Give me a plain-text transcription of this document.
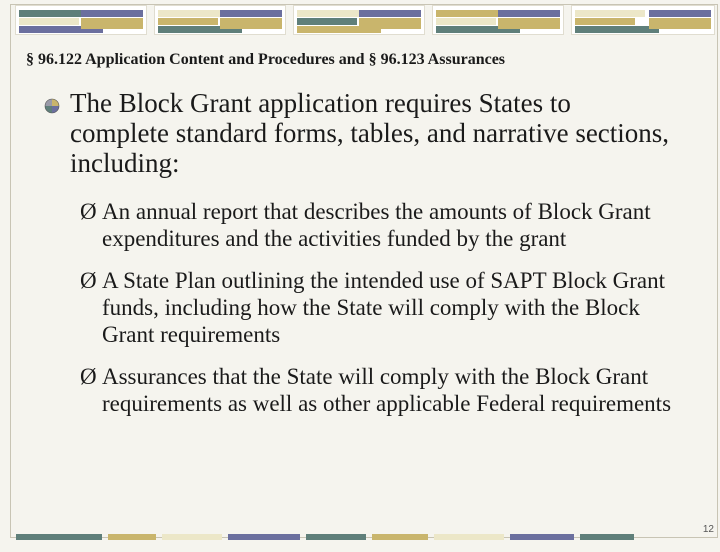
§ 96.122 Application Content and Procedures and § 96.123 Assurances
The Block Grant application requires States to complete standard forms, tables, and narrative sections, including:
Ø An annual report that describes the amounts of Block Grant expenditures and the activities funded by the grant
Ø A State Plan outlining the intended use of SAPT Block Grant funds, including how the State will comply with the Block Grant requirements
Ø Assurances that the State will comply with the Block Grant requirements as well as other applicable Federal requirements
12
